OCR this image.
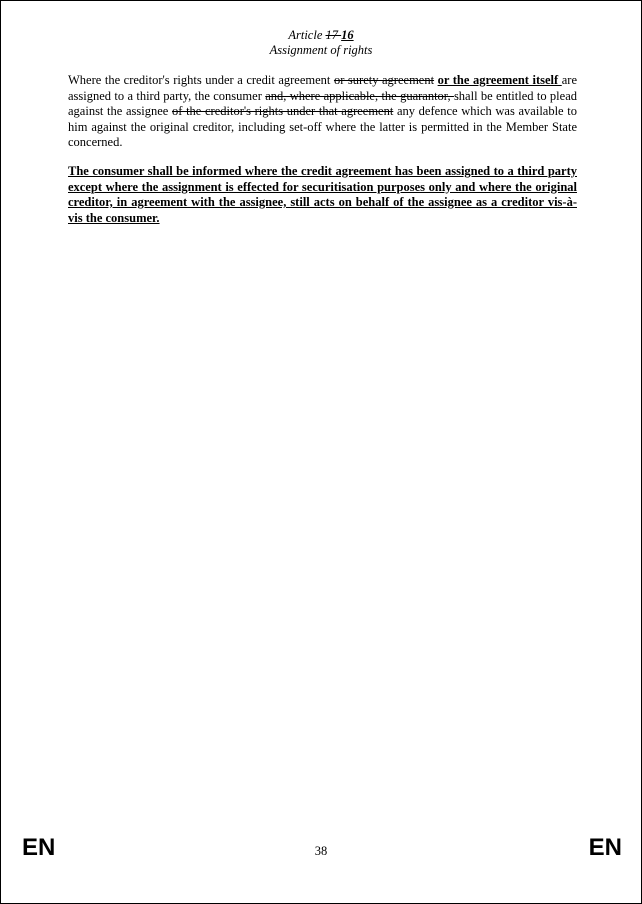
Article 17 16
Assignment of rights

Where the creditor's rights under a credit agreement or surety agreement or the agreement itself are assigned to a third party, the consumer and, where applicable, the guarantor, shall be entitled to plead against the assignee of the creditor's rights under that agreement any defence which was available to him against the original creditor, including set-off where the latter is permitted in the Member State concerned.

The consumer shall be informed where the credit agreement has been assigned to a third party except where the assignment is effected for securitisation purposes only and where the original creditor, in agreement with the assignee, still acts on behalf of the assignee as a creditor vis-à-vis the consumer.

EN	38	EN
